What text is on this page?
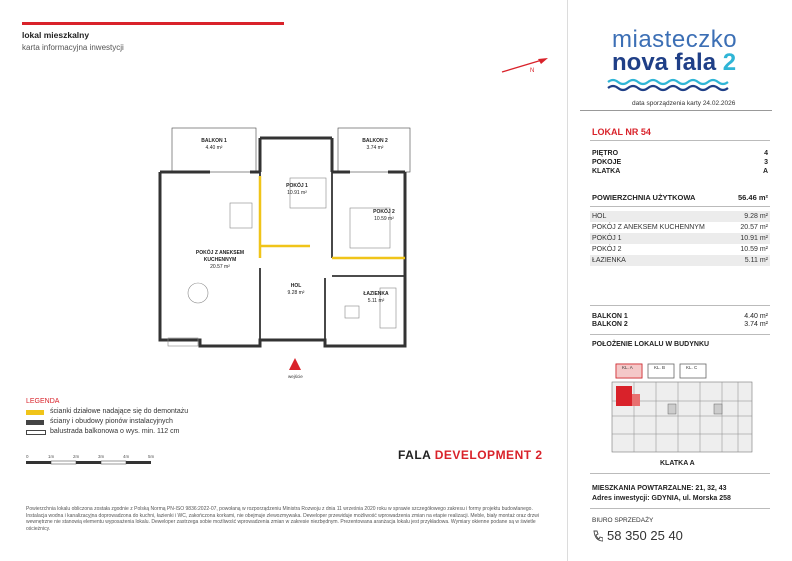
lokal mieszkalny
karta informacyjna inwestycji
N
miasteczko
nova fala 2
data sporządzenia karty 24.02.2026
LOKAL NR 54
PIĘTRO	4
POKOJE	3
KLATKA	A
POWIERZCHNIA UŻYTKOWA	56.46 m²
HOL	9.28 m²
POKÓJ Z ANEKSEM KUCHENNYM	20.57 m²
POKÓJ 1	10.91 m²
POKÓJ 2	10.59 m²
ŁAZIENKA	5.11 m²
BALKON 1	4.40 m²
BALKON 2	3.74 m²
POŁOŻENIE LOKALU W BUDYNKU
KL. A	KL. B	KL. C
KLATKA A
MIESZKANIA POWTARZALNE: 21, 32, 43
Adres inwestycji: GDYNIA, ul. Morska 258
BIURO SPRZEDAŻY
58 350 25 40
wejście
BALKON 1
4.40 m²
BALKON 2
3.74 m²
POKÓJ 1
10.91 m²
POKÓJ 2
10.59 m²
POKÓJ Z ANEKSEM
KUCHENNYM
20.57 m²
HOL
9.28 m²	ŁAZIENKA
5.11 m²
LEGENDA
ścianki działowe nadające się do demontażu
ściany i obudowy pionów instalacyjnych
balustrada balkonowa o wys. min. 112 cm
0	1m	2m	3m	4m	5m	FALA DEVELOPMENT 2
Powierzchnia lokalu obliczona została zgodnie z Polską Normą PN-ISO 9836:2022-07, powołaną w rozporządzeniu Ministra Rozwoju z dnia 11 września 2020 roku w sprawie szczegółowego zakresu i formy projektu budowlanego. Instalacja wodna i kanalizacyjna doprowadzona do kuchni, łazienki i WC, zakończona korkami, nie obejmuje zlewozmywaka. Deweloper przewiduje możliwość wprowadzenia zmian na etapie realizacji. Meble, biały montaż oraz drzwi wewnętrzne nie stanowią elementu wyposażenia lokalu. Deweloper zastrzega sobie możliwość wprowadzenia zmian w zakresie niezbędnym. Prezentowana aranżacja lokalu jest przykładowa. Wymiary okienne podane są w świetle ościeżnicy.
